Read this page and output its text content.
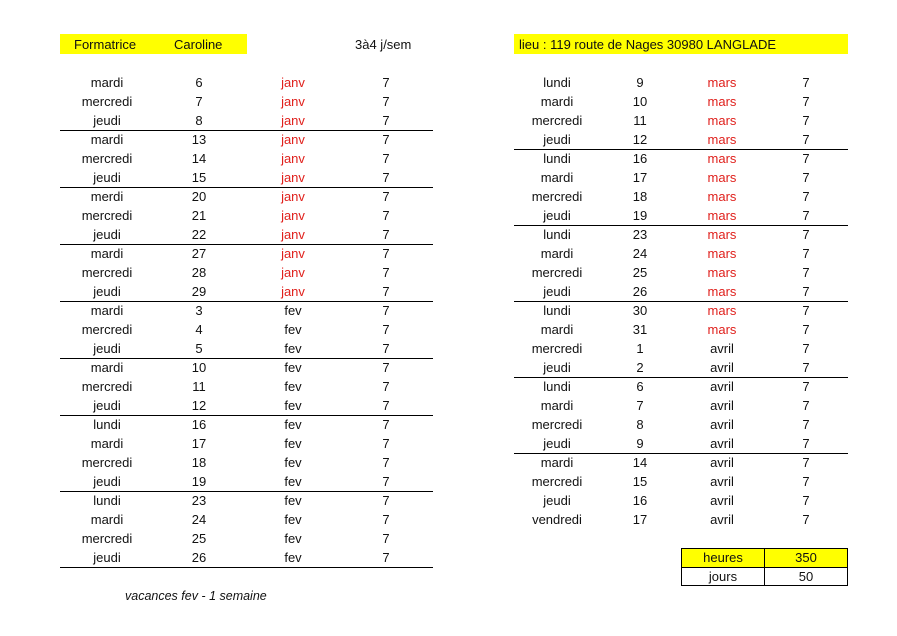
Formatrice	Caroline	3à4 j/sem	lieu : 119 route de Nages 30980 LANGLADE
mardi	6	janv	7
mercredi	7	janv	7
jeudi	8	janv	7
mardi	13	janv	7
mercredi	14	janv	7
jeudi	15	janv	7
merdi	20	janv	7
mercredi	21	janv	7
jeudi	22	janv	7
mardi	27	janv	7
mercredi	28	janv	7
jeudi	29	janv	7
mardi	3	fev	7
mercredi	4	fev	7
jeudi	5	fev	7
mardi	10	fev	7
mercredi	11	fev	7
jeudi	12	fev	7
lundi	16	fev	7
mardi	17	fev	7
mercredi	18	fev	7
jeudi	19	fev	7
lundi	23	fev	7
mardi	24	fev	7
mercredi	25	fev	7
jeudi	26	fev	7
lundi	9	mars	7
mardi	10	mars	7
mercredi	11	mars	7
jeudi	12	mars	7
lundi	16	mars	7
mardi	17	mars	7
mercredi	18	mars	7
jeudi	19	mars	7
lundi	23	mars	7
mardi	24	mars	7
mercredi	25	mars	7
jeudi	26	mars	7
lundi	30	mars	7
mardi	31	mars	7
mercredi	1	avril	7
jeudi	2	avril	7
lundi	6	avril	7
mardi	7	avril	7
mercredi	8	avril	7
jeudi	9	avril	7
mardi	14	avril	7
mercredi	15	avril	7
jeudi	16	avril	7
vendredi	17	avril	7
heures	350
jours	50
vacances fev - 1 semaine
